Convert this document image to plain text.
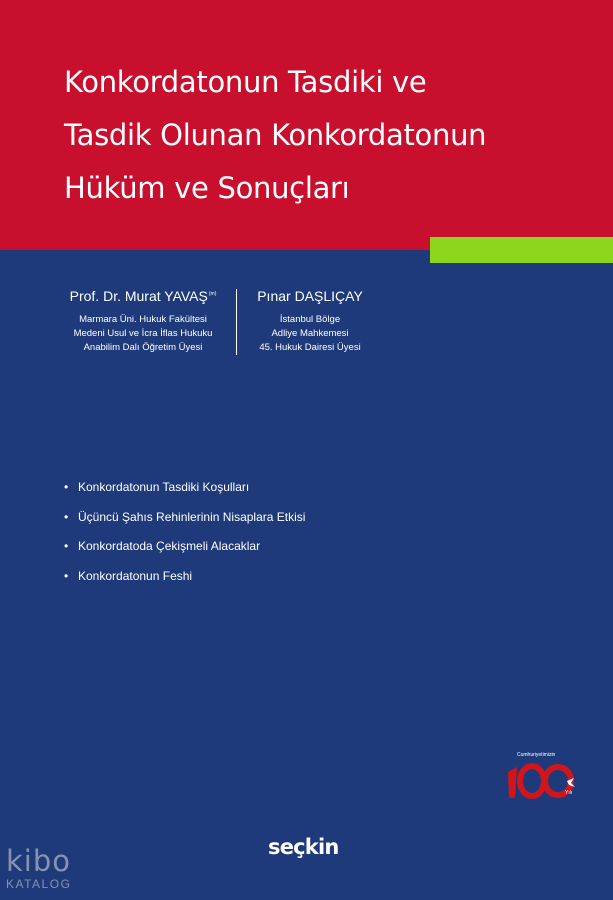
Konkordatonun Tasdiki ve
Tasdik Olunan Konkordatonun
Hüküm ve Sonuçları
Prof. Dr. Murat YAVAŞ$^{(m)}$
Marmara Üni. Hukuk Fakültesi
Medeni Usul ve İcra İflas Hukuku
Anabilim Dalı Öğretim Üyesi
Pınar DAŞLIÇAY
İstanbul Bölge
Adliye Mahkemesi
45. Hukuk Dairesi Üyesi
• Konkordatonun Tasdiki Koşulları
• Üçüncü Şahıs Rehinlerinin Nisaplara Etkisi
• Konkordatoda Çekişmeli Alacaklar
• Konkordatonun Feshi
Cumhuriyetimizin
Yılı
seçkin
kibo
KATALOG
